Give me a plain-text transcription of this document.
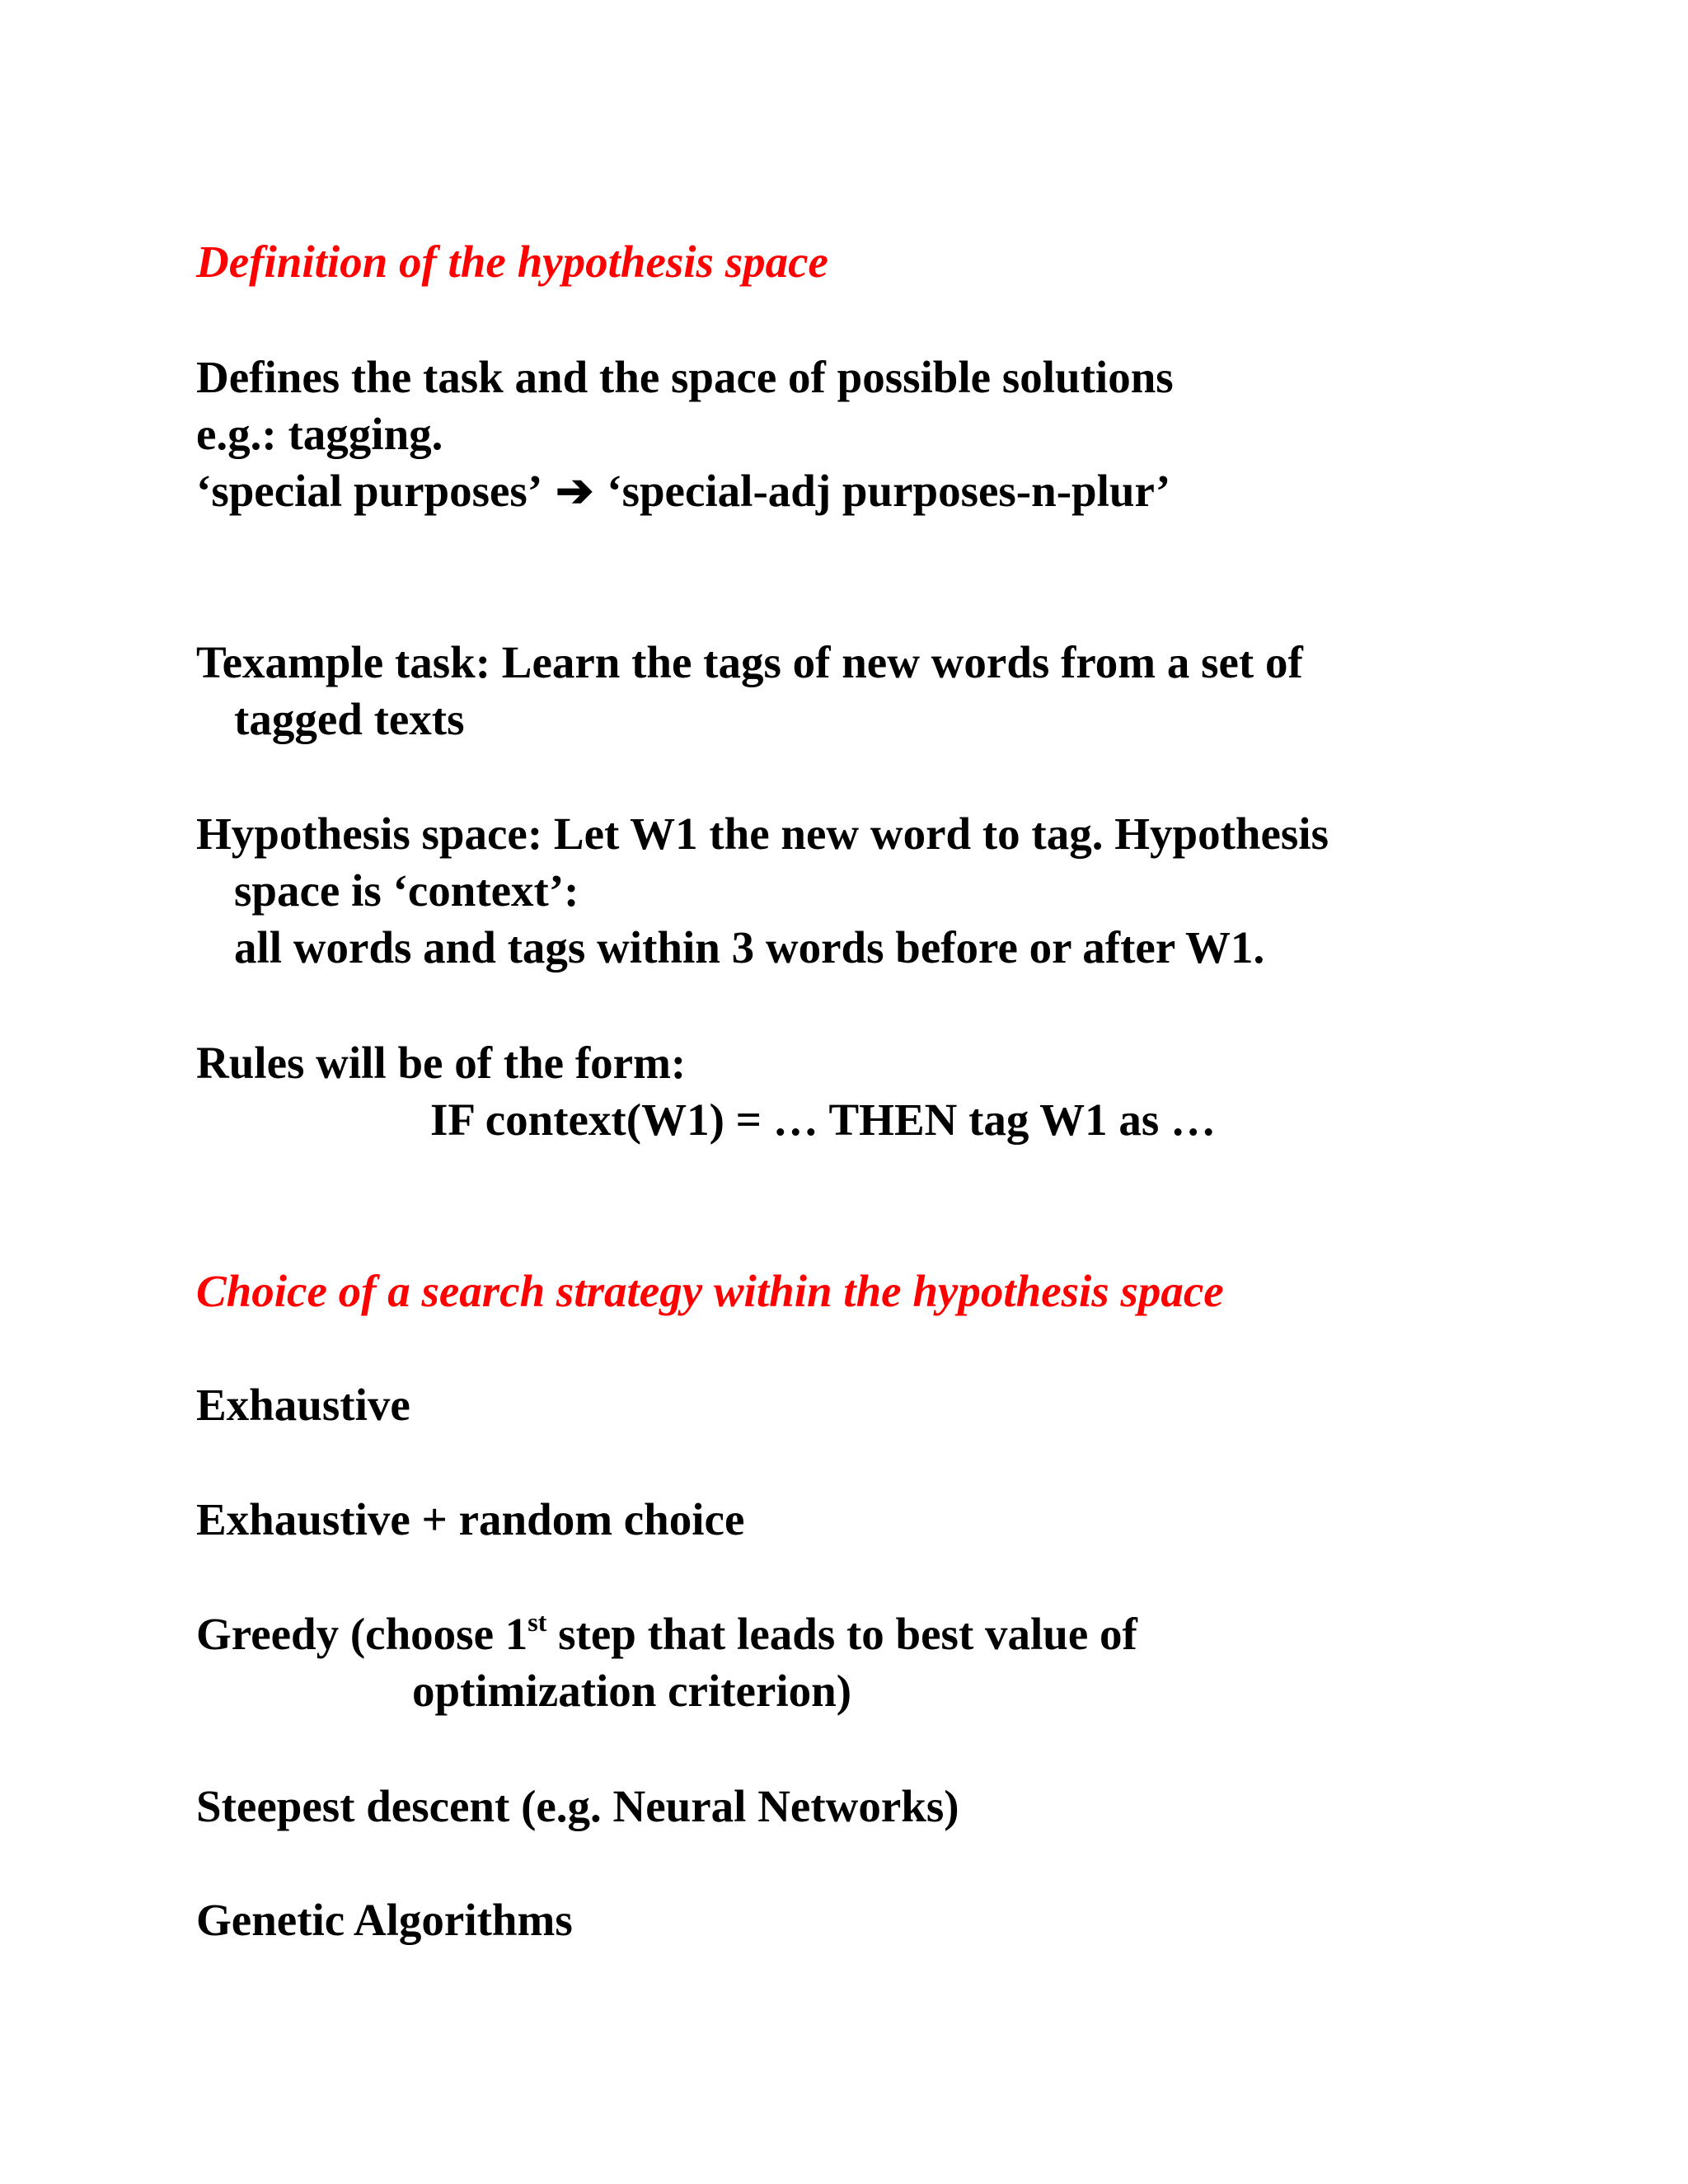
Definition of the hypothesis space
Defines the task and the space of possible solutions
e.g.: tagging.
‘special purposes’ ➔ ‘special-adj purposes-n-plur’
Texample task: Learn the tags of new words from a set of
tagged texts
Hypothesis space: Let W1 the new word to tag. Hypothesis
space is ‘context’:
all words and tags within 3 words before or after W1.
Rules will be of the form:
IF context(W1) = … THEN tag W1 as …
Choice of a search strategy within the hypothesis space
Exhaustive
Exhaustive + random choice
Greedy (choose 1st step that leads to best value of
optimization criterion)
Steepest descent (e.g. Neural Networks)
Genetic Algorithms
